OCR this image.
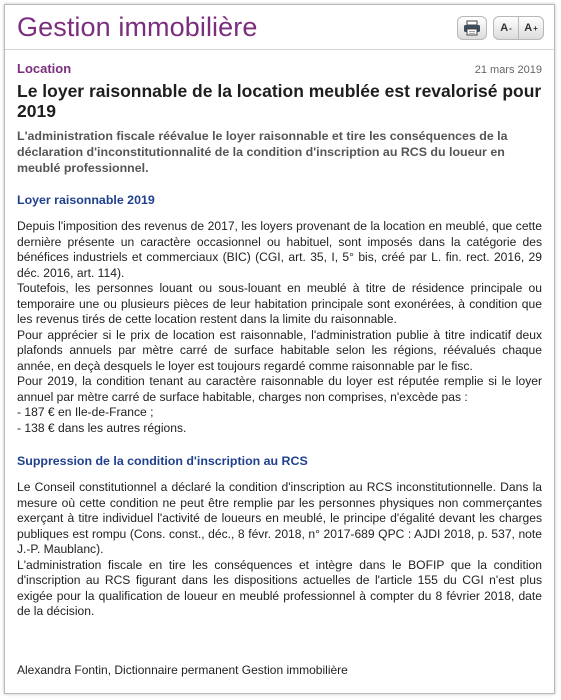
Gestion immobilière	A - A +
Location	21 mars 2019
Le loyer raisonnable de la location meublée est revalorisé pour 2019

L'administration fiscale réévalue le loyer raisonnable et tire les conséquences de la déclaration d'inconstitutionnalité de la condition d'inscription au RCS du loueur en meublé professionnel.

Loyer raisonnable 2019

Depuis l'imposition des revenus de 2017, les loyers provenant de la location en meublé, que cette dernière présente un caractère occasionnel ou habituel, sont imposés dans la catégorie des bénéfices industriels et commerciaux (BIC) (CGI, art. 35, I, 5° bis, créé par L. fin. rect. 2016, 29 déc. 2016, art. 114).

Toutefois, les personnes louant ou sous-louant en meublé à titre de résidence principale ou temporaire une ou plusieurs pièces de leur habitation principale sont exonérées, à condition que les revenus tirés de cette location restent dans la limite du raisonnable.

Pour apprécier si le prix de location est raisonnable, l'administration publie à titre indicatif deux plafonds annuels par mètre carré de surface habitable selon les régions, réévalués chaque année, en deçà desquels le loyer est toujours regardé comme raisonnable par le fisc.

Pour 2019, la condition tenant au caractère raisonnable du loyer est réputée remplie si le loyer annuel par mètre carré de surface habitable, charges non comprises, n'excède pas :

- 187 € en Ile-de-France ;
- 138 € dans les autres régions.
Suppression de la condition d'inscription au RCS

Le Conseil constitutionnel a déclaré la condition d'inscription au RCS inconstitutionnelle. Dans la mesure où cette condition ne peut être remplie par les personnes physiques non commerçantes exerçant à titre individuel l'activité de loueurs en meublé, le principe d'égalité devant les charges publiques est rompu (Cons. const., déc., 8 févr. 2018, n° 2017-689 QPC : AJDI 2018, p. 537, note J.-P. Maublanc).

L'administration fiscale en tire les conséquences et intègre dans le BOFIP que la condition d'inscription au RCS figurant dans les dispositions actuelles de l'article 155 du CGI n'est plus exigée pour la qualification de loueur en meublé professionnel à compter du 8 février 2018, date de la décision.

Alexandra Fontin, Dictionnaire permanent Gestion immobilière
